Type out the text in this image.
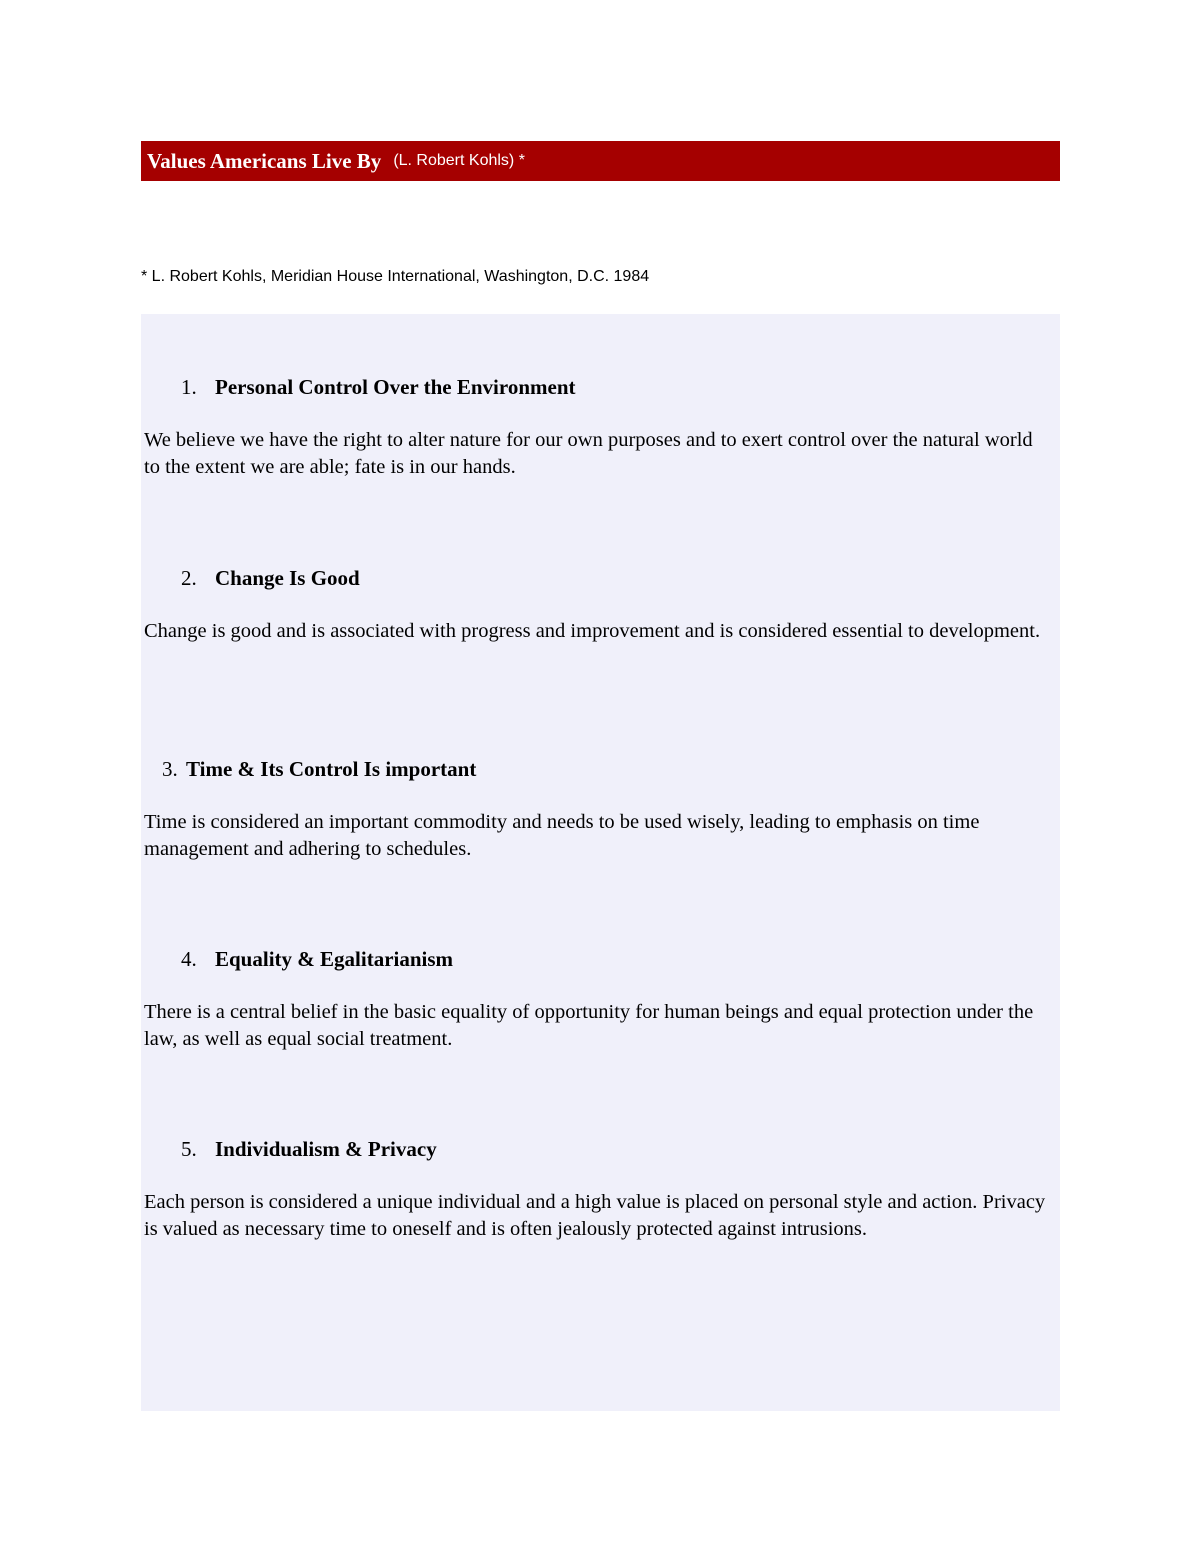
Values Americans Live By (L. Robert Kohls) *
* L. Robert Kohls, Meridian House International, Washington, D.C. 1984
1. Personal Control Over the Environment

We believe we have the right to alter nature for our own purposes and to exert control over the natural world to the extent we are able; fate is in our hands.

2. Change Is Good

Change is good and is associated with progress and improvement and is considered essential to development.

3. Time & Its Control Is important

Time is considered an important commodity and needs to be used wisely, leading to emphasis on time management and adhering to schedules.

4. Equality & Egalitarianism

There is a central belief in the basic equality of opportunity for human beings and equal protection under the law, as well as equal social treatment.

5. Individualism & Privacy

Each person is considered a unique individual and a high value is placed on personal style and action. Privacy is valued as necessary time to oneself and is often jealously protected against intrusions.
